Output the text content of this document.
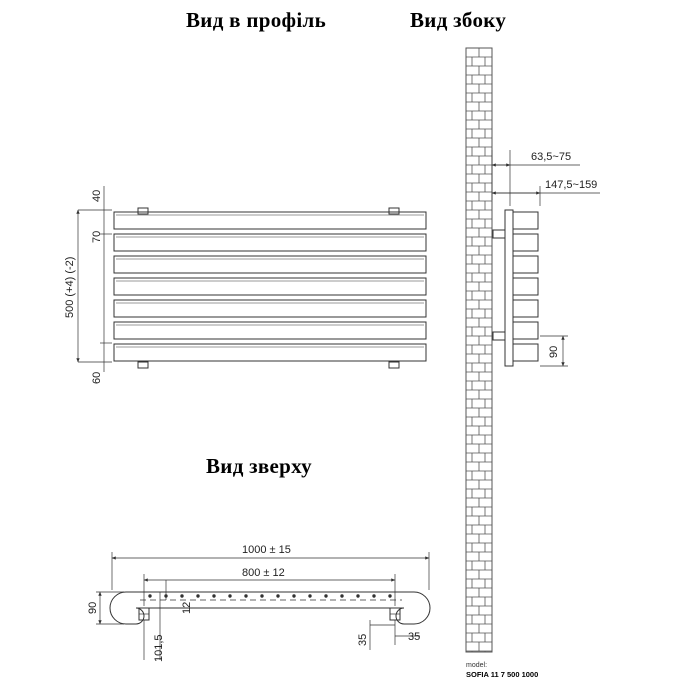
Вид в профіль	Вид збоку
Вид зверху
40
70
500 (+4) (-2)
60
63,5~75
147,5~159
90
1000 ± 15
800 ± 12
90	12
101,5	35	35
model:
SOFIA 11 7 500 1000
